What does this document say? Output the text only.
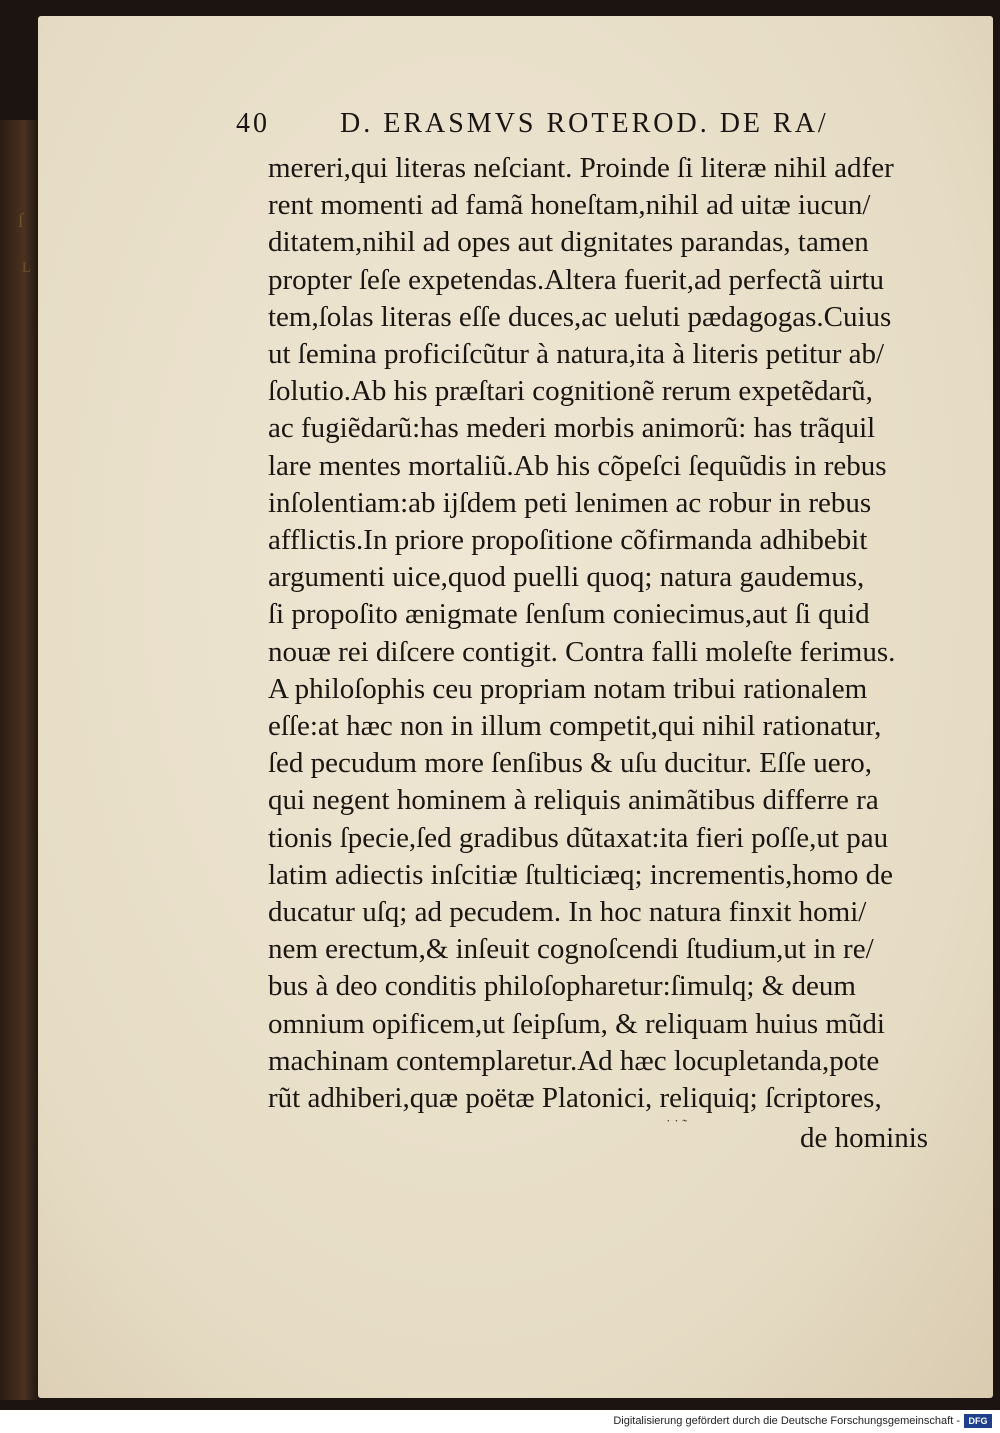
ſ
ʟ
40	D. ERASMVS ROTEROD. DE RA/
mereri,qui literas neſciant. Proinde ſi literæ nihil adfer
rent momenti ad famã honeſtam,nihil ad uitæ iucun/
ditatem,nihil ad opes aut dignitates parandas, tamen
propter ſeſe expetendas.Altera fuerit,ad perfectã uirtu
tem,ſolas literas eſſe duces,ac ueluti pædagogas.Cuius
ut ſemina proficiſcũtur à natura,ita à literis petitur ab/
ſolutio.Ab his præſtari cognitionẽ rerum expetẽdarũ,
ac fugiẽdarũ:has mederi morbis animorũ: has trãquil
lare mentes mortaliũ.Ab his cõpeſci ſequũdis in rebus
inſolentiam:ab ijſdem peti lenimen ac robur in rebus
afflictis.In priore propoſitione cõfirmanda adhibebit
argumenti uice,quod puelli quoq; natura gaudemus,
ſi propoſito ænigmate ſenſum coniecimus,aut ſi quid
nouæ rei diſcere contigit. Contra falli moleſte ferimus.
A philoſophis ceu propriam notam tribui rationalem
eſſe:at hæc non in illum competit,qui nihil rationatur,
ſed pecudum more ſenſibus & uſu ducitur. Eſſe uero,
qui negent hominem à reliquis animãtibus differre ra
tionis ſpecie,ſed gradibus dũtaxat:ita fieri poſſe,ut pau
latim adiectis inſcitiæ ſtulticiæq; incrementis,homo de
ducatur uſq; ad pecudem. In hoc natura finxit homi/
nem erectum,& inſeuit cognoſcendi ſtudium,ut in re/
bus à deo conditis philoſopharetur:ſimulq; & deum
omnium opificem,ut ſeipſum, & reliquam huius mũdi
machinam contemplaretur.Ad hæc locupletanda,pote
rũt adhiberi,quæ poëtæ Platonici, reliquiq; ſcriptores,
˙ ˙ ˜	de hominis
Digitalisierung gefördert durch die Deutsche Forschungsgemeinschaft - DFG
